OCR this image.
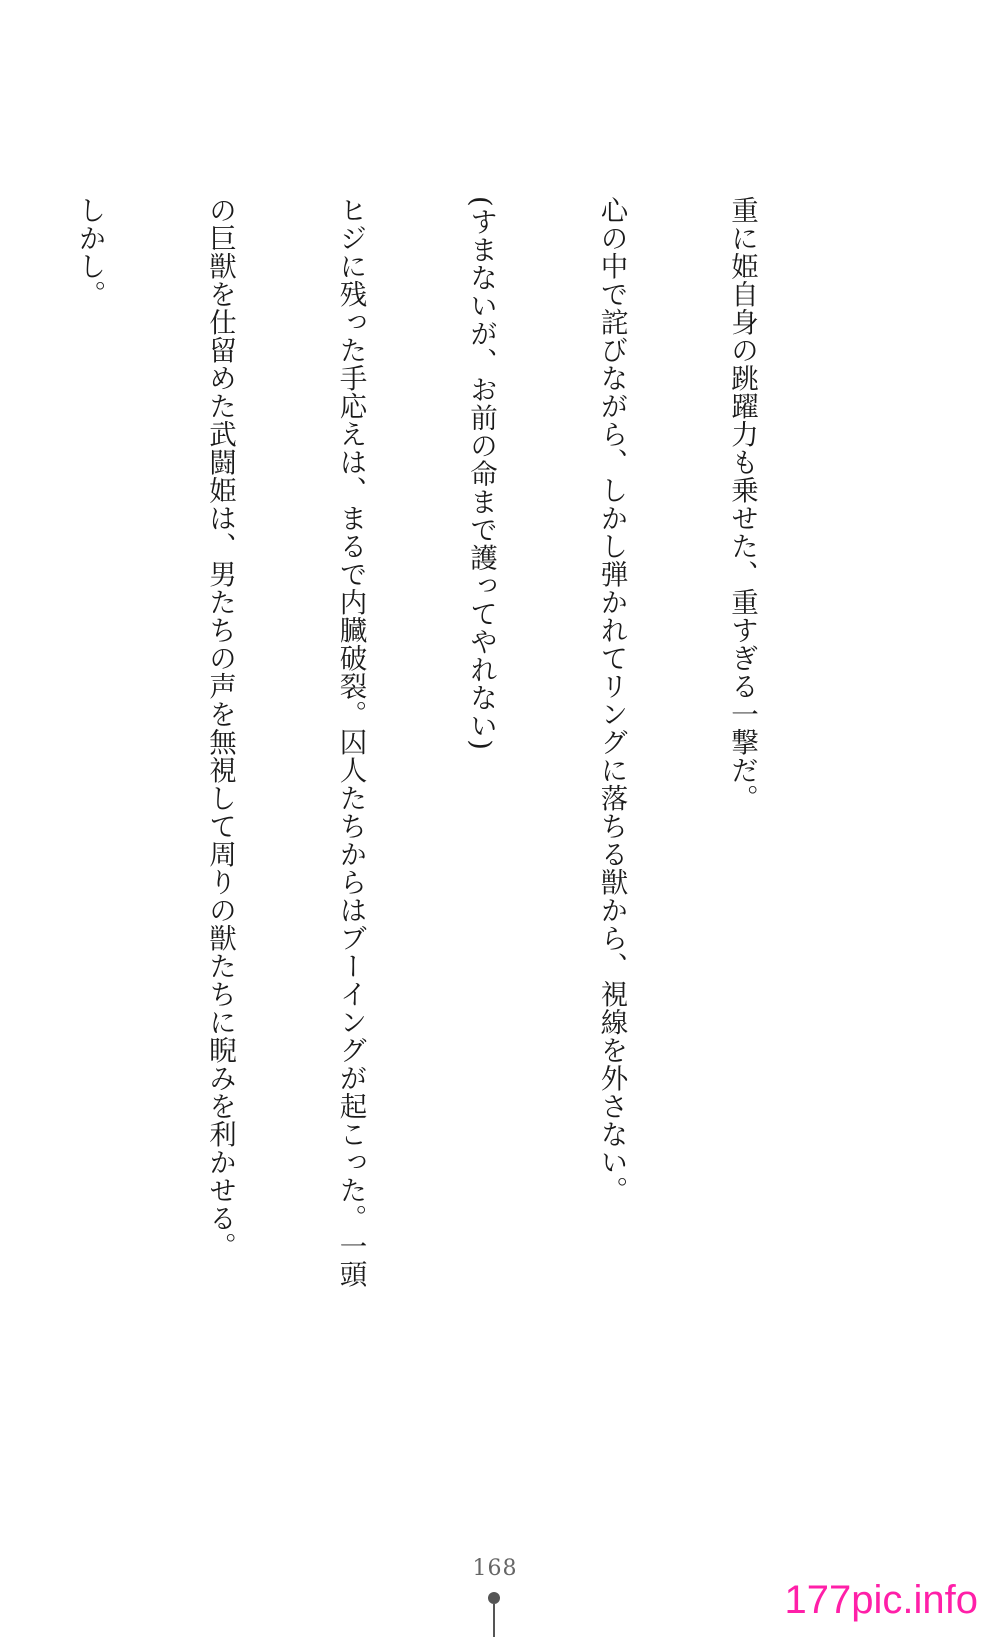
重に姫自身の跳躍力も乗せた、重すぎる一撃だ。

心の中で詫びながら、しかし弾かれてリングに落ちる獣から、視線を外さない。

(すまないが、お前の命まで護ってやれない)

ヒジに残った手応えは、まるで内臓破裂。囚人たちからはブーイングが起こった。一頭

の巨獣を仕留めた武闘姫は、男たちの声を無視して周りの獣たちに睨みを利かせる。

しかし。

168
177pic.info
